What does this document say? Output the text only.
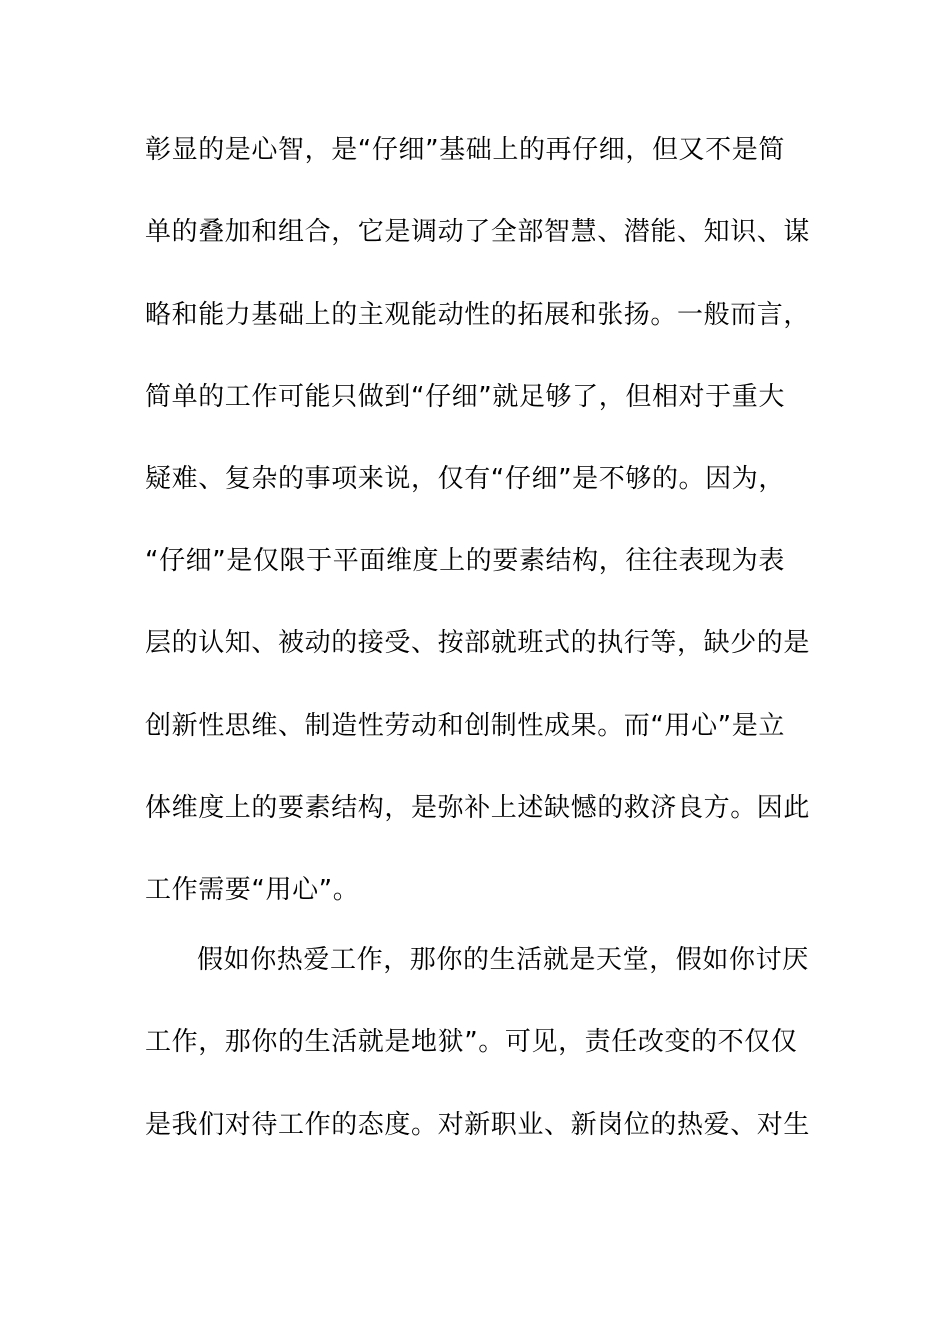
彰显的是心智，是“仔细”基础上的再仔细，但又不是简
单的叠加和组合，它是调动了全部智慧、潜能、知识、谋
略和能力基础上的主观能动性的拓展和张扬。一般而言，
简单的工作可能只做到“仔细”就足够了，但相对于重大
疑难、复杂的事项来说，仅有“仔细”是不够的。因为，
“仔细”是仅限于平面维度上的要素结构，往往表现为表
层的认知、被动的接受、按部就班式的执行等，缺少的是
创新性思维、制造性劳动和创制性成果。而“用心”是立
体维度上的要素结构，是弥补上述缺憾的救济良方。因此
工作需要“用心”。
假如你热爱工作，那你的生活就是天堂，假如你讨厌
工作，那你的生活就是地狱”。可见，责任改变的不仅仅
是我们对待工作的态度。对新职业、新岗位的热爱、对生
